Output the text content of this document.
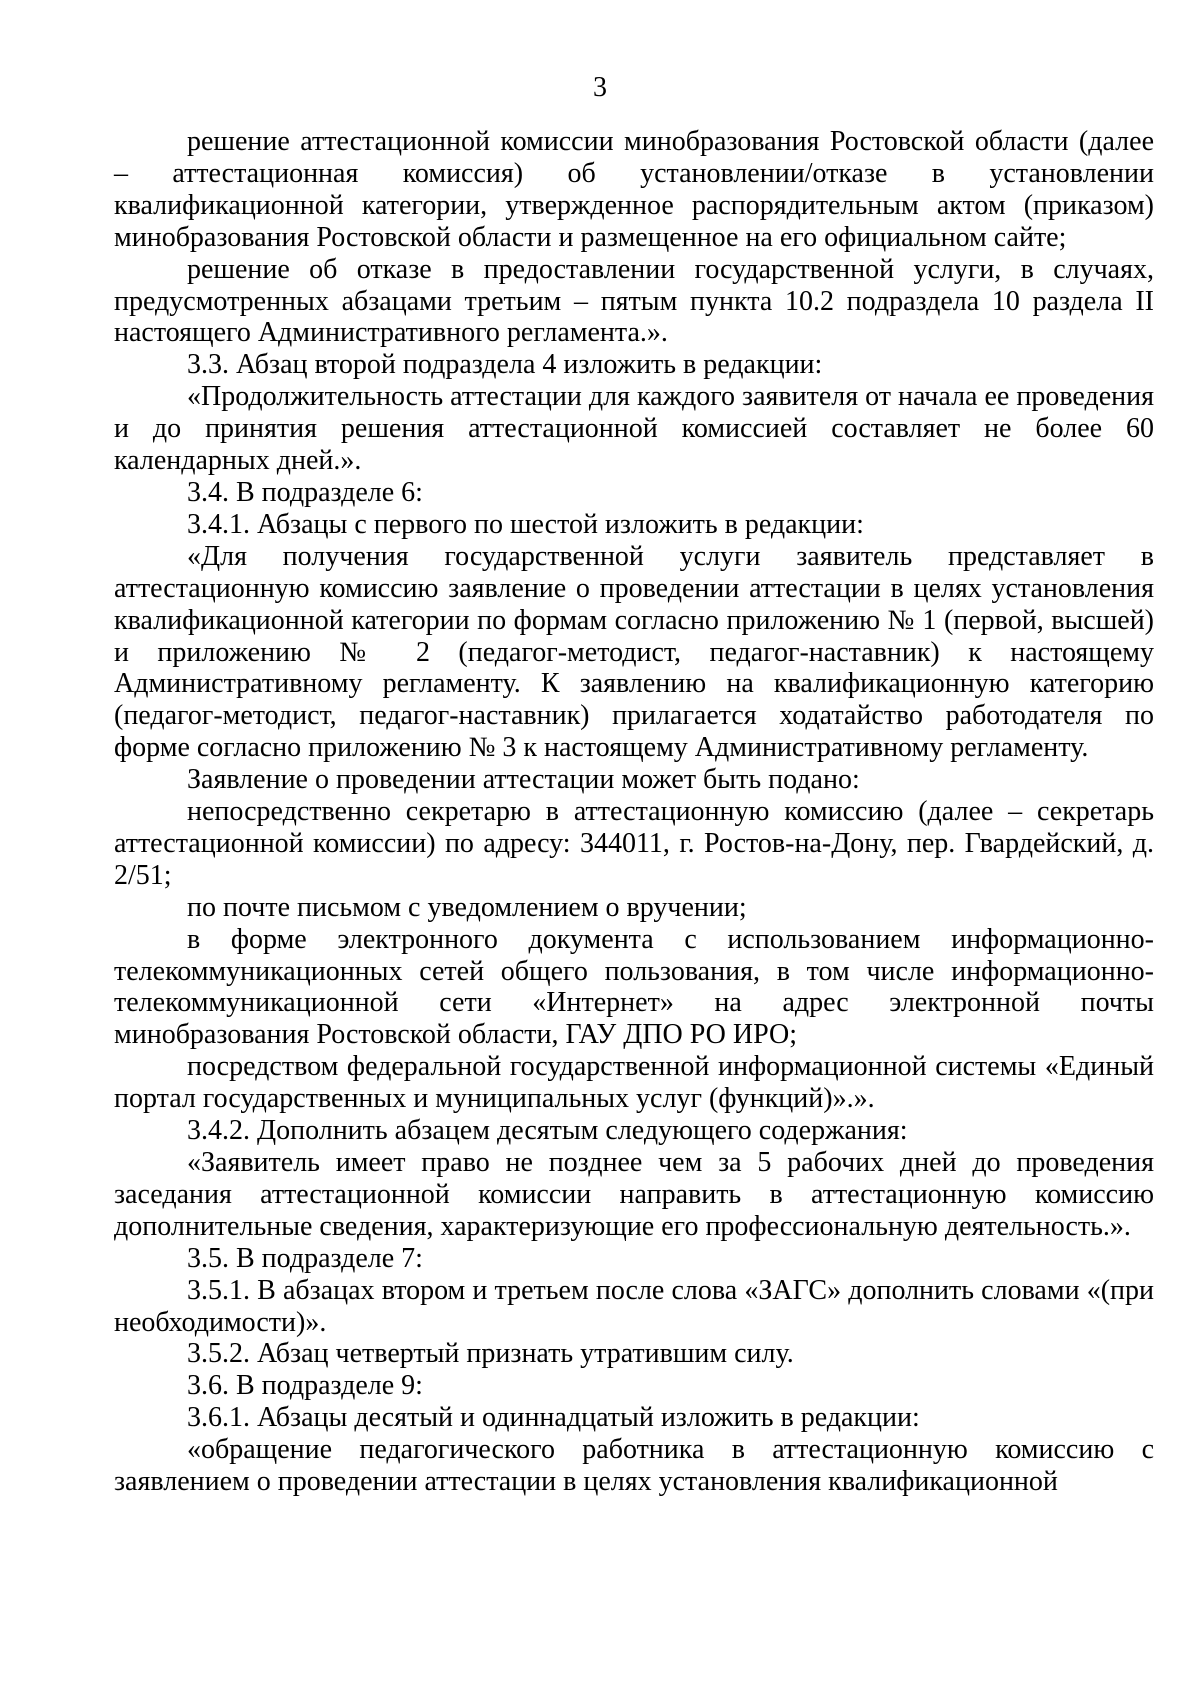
3

решение аттестационной комиссии минобразования Ростовской области (далее – аттестационная комиссия) об установлении/отказе в установлении квалификационной категории, утвержденное распорядительным актом (приказом) минобразования Ростовской области и размещенное на его официальном сайте;

решение об отказе в предоставлении государственной услуги, в случаях, предусмотренных абзацами третьим – пятым пункта 10.2 подраздела 10 раздела II настоящего Административного регламента.».

3.3. Абзац второй подраздела 4 изложить в редакции:

«Продолжительность аттестации для каждого заявителя от начала ее проведения и до принятия решения аттестационной комиссией составляет не более 60 календарных дней.».

3.4. В подразделе 6:

3.4.1. Абзацы с первого по шестой изложить в редакции:

«Для получения государственной услуги заявитель представляет в аттестационную комиссию заявление о проведении аттестации в целях установления квалификационной категории по формам согласно приложению № 1 (первой, высшей) и приложению № 2 (педагог-методист, педагог-наставник) к настоящему Административному регламенту. К заявлению на квалификационную категорию (педагог-методист, педагог-наставник) прилагается ходатайство работодателя по форме согласно приложению № 3 к настоящему Административному регламенту.

Заявление о проведении аттестации может быть подано:

непосредственно секретарю в аттестационную комиссию (далее – секретарь аттестационной комиссии) по адресу: 344011, г. Ростов-на-Дону, пер. Гвардейский, д. 2/51;

по почте письмом с уведомлением о вручении;

в форме электронного документа с использованием информационно-телекоммуникационных сетей общего пользования, в том числе информационно-телекоммуникационной сети «Интернет» на адрес электронной почты минобразования Ростовской области, ГАУ ДПО РО ИРО;

посредством федеральной государственной информационной системы «Единый портал государственных и муниципальных услуг (функций)».».

3.4.2. Дополнить абзацем десятым следующего содержания:

«Заявитель имеет право не позднее чем за 5 рабочих дней до проведения заседания аттестационной комиссии направить в аттестационную комиссию дополнительные сведения, характеризующие его профессиональную деятельность.».

3.5. В подразделе 7:

3.5.1. В абзацах втором и третьем после слова «ЗАГС» дополнить словами «(при необходимости)».

3.5.2. Абзац четвертый признать утратившим силу.

3.6. В подразделе 9:

3.6.1. Абзацы десятый и одиннадцатый изложить в редакции:

«обращение педагогического работника в аттестационную комиссию с заявлением о проведении аттестации в целях установления квалификационной
